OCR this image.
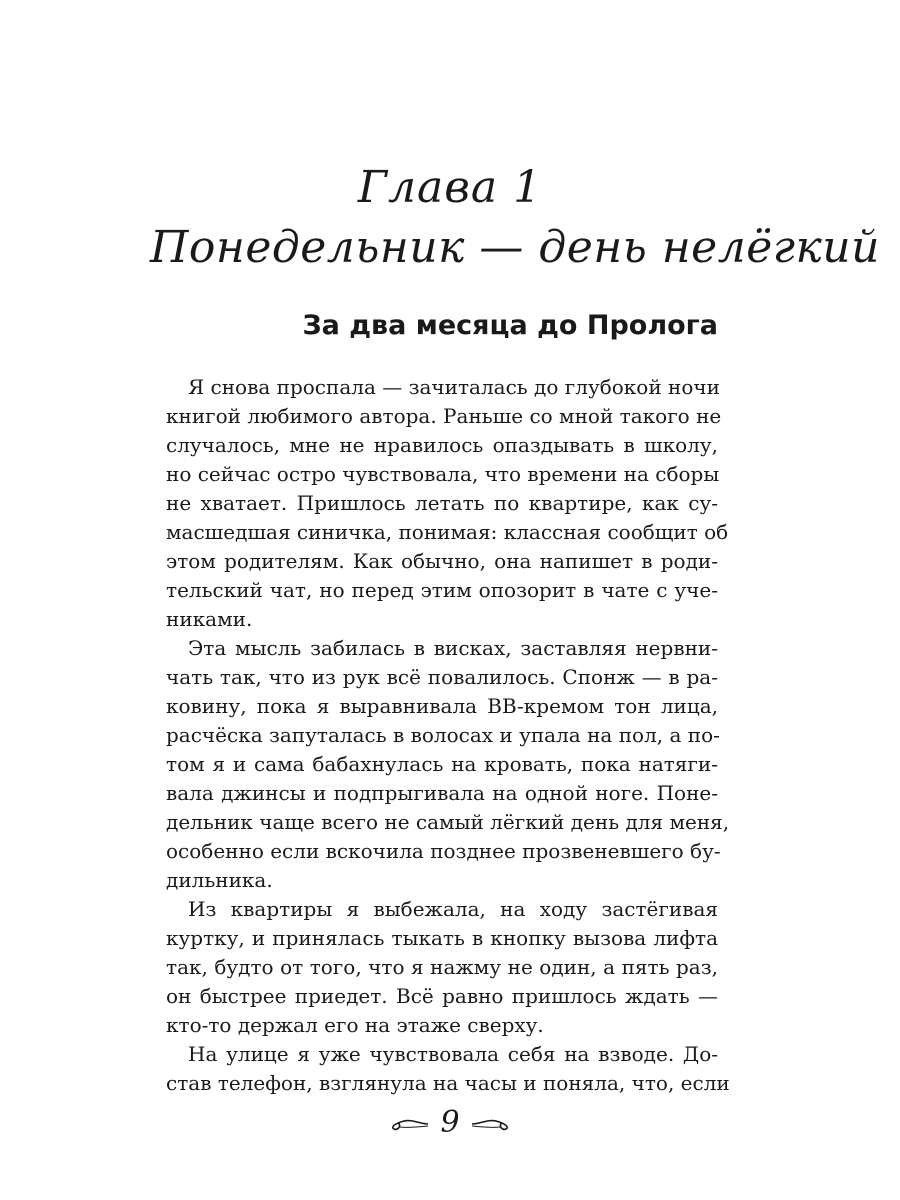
Глава 1
Понедельник — день нелёгкий
За два месяца до Пролога
Я снова проспала — зачиталась до глубокой ночи
книгой любимого автора. Раньше со мной такого не
случалось, мне не нравилось опаздывать в школу,
но сейчас остро чувствовала, что времени на сборы
не хватает. Пришлось летать по квартире, как су-
масшедшая синичка, понимая: классная сообщит об
этом родителям. Как обычно, она напишет в роди-
тельский чат, но перед этим опозорит в чате с уче-
никами.
Эта мысль забилась в висках, заставляя нервни-
чать так, что из рук всё повалилось. Спонж — в ра-
ковину, пока я выравнивала BB-кремом тон лица,
расчёска запуталась в волосах и упала на пол, а по-
том я и сама бабахнулась на кровать, пока натяги-
вала джинсы и подпрыгивала на одной ноге. Поне-
дельник чаще всего не самый лёгкий день для меня,
особенно если вскочила позднее прозвеневшего бу-
дильника.
Из квартиры я выбежала, на ходу застёгивая
куртку, и принялась тыкать в кнопку вызова лифта
так, будто от того, что я нажму не один, а пять раз,
он быстрее приедет. Всё равно пришлось ждать —
кто-то держал его на этаже сверху.
На улице я уже чувствовала себя на взводе. До-
став телефон, взглянула на часы и поняла, что, если
9
